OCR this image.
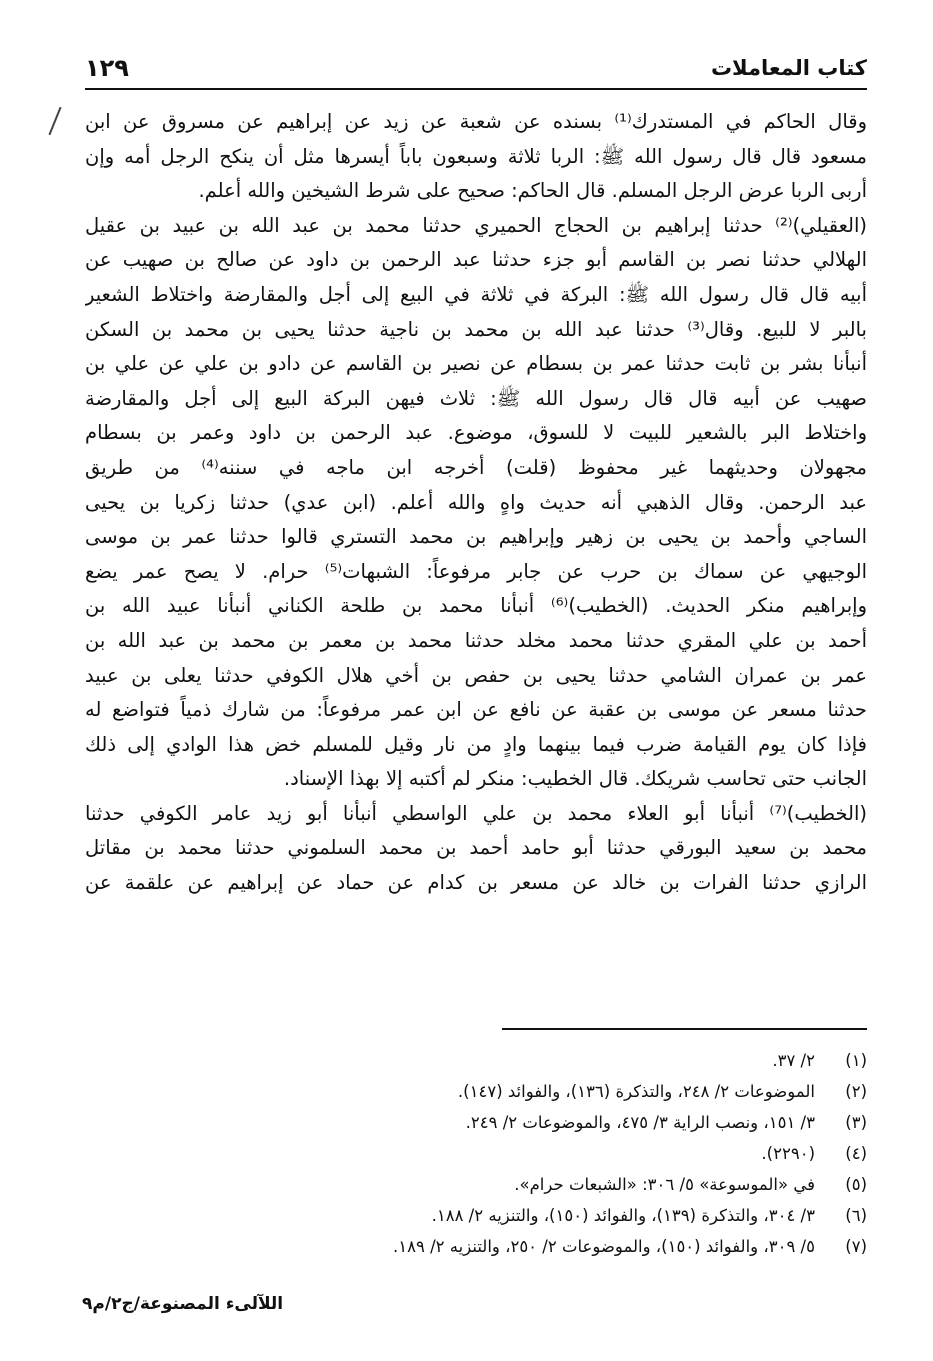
كتاب المعاملات
١٢٩
وقال الحاكم في المستدرك⁽¹⁾ بسنده عن شعبة عن زيد عن إبراهيم عن مسروق عن ابن
مسعود قال قال رسول الله ﷺ: الربا ثلاثة وسبعون باباً أيسرها مثل أن ينكح الرجل أمه وإن
أربى الربا عرض الرجل المسلم. قال الحاكم: صحيح على شرط الشيخين والله أعلم.
(العقيلي)⁽²⁾ حدثنا إبراهيم بن الحجاج الحميري حدثنا محمد بن عبد الله بن عبيد بن عقيل
الهلالي حدثنا نصر بن القاسم أبو جزء حدثنا عبد الرحمن بن داود عن صالح بن صهيب عن
أبيه قال قال رسول الله ﷺ: البركة في ثلاثة في البيع إلى أجل والمقارضة واختلاط الشعير
بالبر لا للبيع. وقال⁽³⁾ حدثنا عبد الله بن محمد بن ناجية حدثنا يحيى بن محمد بن السكن
أنبأنا بشر بن ثابت حدثنا عمر بن بسطام عن نصير بن القاسم عن دادو بن علي عن علي بن
صهيب عن أبيه قال قال رسول الله ﷺ: ثلاث فيهن البركة البيع إلى أجل والمقارضة
واختلاط البر بالشعير للبيت لا للسوق، موضوع. عبد الرحمن بن داود وعمر بن بسطام
مجهولان وحديثهما غير محفوظ (قلت) أخرجه ابن ماجه في سننه⁽⁴⁾ من طريق
عبد الرحمن. وقال الذهبي أنه حديث واهٍ والله أعلم. (ابن عدي) حدثنا زكريا بن يحيى
الساجي وأحمد بن يحيى بن زهير وإبراهيم بن محمد التستري قالوا حدثنا عمر بن موسى
الوجيهي عن سماك بن حرب عن جابر مرفوعاً: الشبهات⁽⁵⁾ حرام. لا يصح عمر يضع
وإبراهيم منكر الحديث. (الخطيب)⁽⁶⁾ أنبأنا محمد بن طلحة الكناني أنبأنا عبيد الله بن
أحمد بن علي المقري حدثنا محمد مخلد حدثنا محمد بن معمر بن محمد بن عبد الله بن
عمر بن عمران الشامي حدثنا يحيى بن حفص بن أخي هلال الكوفي حدثنا يعلى بن عبيد
حدثنا مسعر عن موسى بن عقبة عن نافع عن ابن عمر مرفوعاً: من شارك ذمياً فتواضع له
فإذا كان يوم القيامة ضرب فيما بينهما وادٍ من نار وقيل للمسلم خض هذا الوادي إلى ذلك
الجانب حتى تحاسب شريكك. قال الخطيب: منكر لم أكتبه إلا بهذا الإسناد.
(الخطيب)⁽⁷⁾ أنبأنا أبو العلاء محمد بن علي الواسطي أنبأنا أبو زيد عامر الكوفي حدثنا
محمد بن سعيد البورقي حدثنا أبو حامد أحمد بن محمد السلموني حدثنا محمد بن مقاتل
الرازي حدثنا الفرات بن خالد عن مسعر بن كدام عن حماد عن إبراهيم عن علقمة عن
(١)٢/ ٣٧.
(٢)الموضوعات ٢/ ٢٤٨، والتذكرة (١٣٦)، والفوائد (١٤٧).
(٣)٣/ ١٥١، ونصب الراية ٣/ ٤٧٥، والموضوعات ٢/ ٢٤٩.
(٤)(٢٢٩٠).
(٥)في «الموسوعة» ٥/ ٣٠٦: «الشبعات حرام».
(٦)٣/ ٣٠٤، والتذكرة (١٣٩)، والفوائد (١٥٠)، والتنزيه ٢/ ١٨٨.
(٧)٥/ ٣٠٩، والفوائد (١٥٠)، والموضوعات ٢/ ٢٥٠، والتنزيه ٢/ ١٨٩.
اللآلىء المصنوعة/ج٢/م٩
